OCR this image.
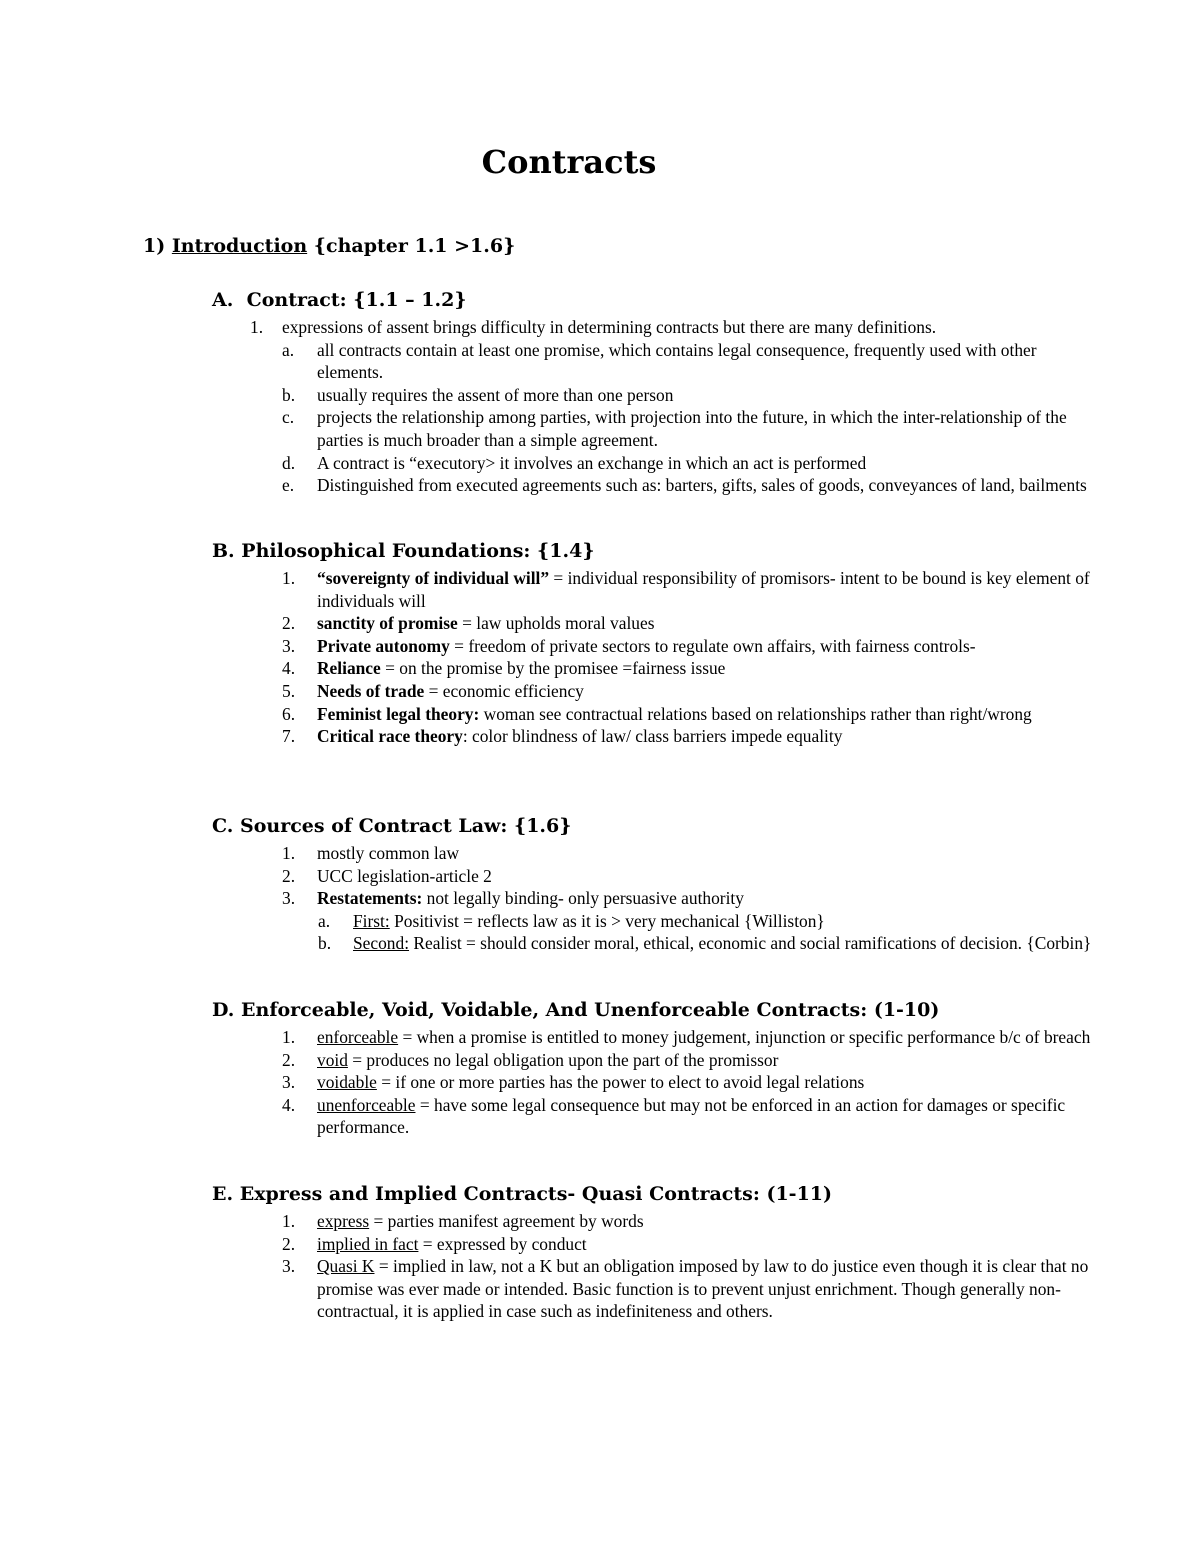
Contracts

1) Introduction {chapter 1.1 >1.6}

A. Contract: {1.1 – 1.2}

1. expressions of assent brings difficulty in determining contracts but there are many definitions.
a. all contracts contain at least one promise, which contains legal consequence, frequently used with other elements.
b. usually requires the assent of more than one person
c. projects the relationship among parties, with projection into the future, in which the inter-relationship of the parties is much broader than a simple agreement.
d. A contract is “executory> it involves an exchange in which an act is performed
e. Distinguished from executed agreements such as: barters, gifts, sales of goods, conveyances of land, bailments

B. Philosophical Foundations: {1.4}

1. “sovereignty of individual will” = individual responsibility of promisors- intent to be bound is key element of individuals will
2. sanctity of promise = law upholds moral values
3. Private autonomy = freedom of private sectors to regulate own affairs, with fairness controls-
4. Reliance = on the promise by the promisee =fairness issue
5. Needs of trade = economic efficiency
6. Feminist legal theory: woman see contractual relations based on relationships rather than right/wrong
7. Critical race theory: color blindness of law/ class barriers impede equality

C. Sources of Contract Law: {1.6}

1. mostly common law
2. UCC legislation-article 2
3. Restatements: not legally binding- only persuasive authority
a. First: Positivist = reflects law as it is > very mechanical {Williston}
b. Second: Realist = should consider moral, ethical, economic and social ramifications of decision. {Corbin}

D. Enforceable, Void, Voidable, And Unenforceable Contracts: (1-10)

1. enforceable = when a promise is entitled to money judgement, injunction or specific performance b/c of breach
2. void = produces no legal obligation upon the part of the promissor
3. voidable = if one or more parties has the power to elect to avoid legal relations
4. unenforceable = have some legal consequence but may not be enforced in an action for damages or specific performance.

E. Express and Implied Contracts- Quasi Contracts: (1-11)

1. express = parties manifest agreement by words
2. implied in fact = expressed by conduct
3. Quasi K = implied in law, not a K but an obligation imposed by law to do justice even though it is clear that no promise was ever made or intended. Basic function is to prevent unjust enrichment. Though generally non-contractual, it is applied in case such as indefiniteness and others.
